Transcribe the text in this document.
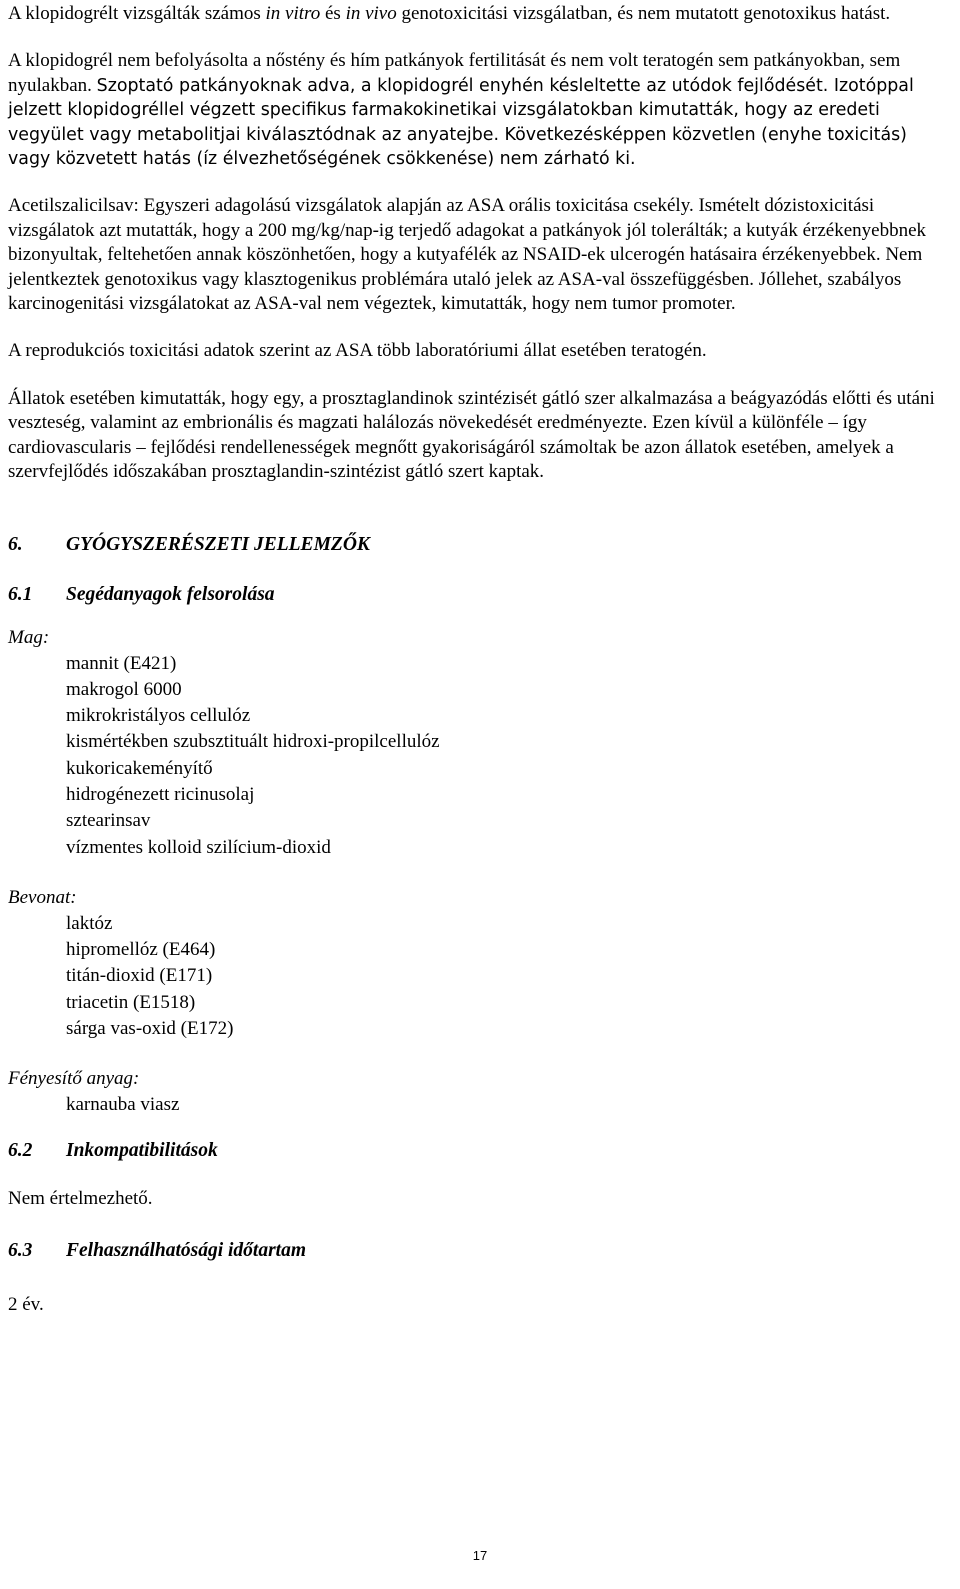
A klopidogrélt vizsgálták számos in vitro és in vivo genotoxicitási vizsgálatban, és nem mutatott genotoxikus hatást.

A klopidogrél nem befolyásolta a nőstény és hím patkányok fertilitását és nem volt teratogén sem patkányokban, sem nyulakban. Szoptató patkányoknak adva, a klopidogrél enyhén késleltette az utódok fejlődését. Izotóppal jelzett klopidogréllel végzett specifikus farmakokinetikai vizsgálatokban kimutatták, hogy az eredeti vegyület vagy metabolitjai kiválasztódnak az anyatejbe. Következésképpen közvetlen (enyhe toxicitás) vagy közvetett hatás (íz élvezhetőségének csökkenése) nem zárható ki.

Acetilszalicilsav: Egyszeri adagolású vizsgálatok alapján az ASA orális toxicitása csekély. Ismételt dózistoxicitási vizsgálatok azt mutatták, hogy a 200 mg/kg/nap-ig terjedő adagokat a patkányok jól tolerálták; a kutyák érzékenyebbnek bizonyultak, feltehetően annak köszönhetően, hogy a kutyafélék az NSAID-ek ulcerogén hatásaira érzékenyebbek. Nem jelentkeztek genotoxikus vagy klasztogenikus problémára utaló jelek az ASA-val összefüggésben. Jóllehet, szabályos karcinogenitási vizsgálatokat az ASA-val nem végeztek, kimutatták, hogy nem tumor promoter.

A reprodukciós toxicitási adatok szerint az ASA több laboratóriumi állat esetében teratogén.

Állatok esetében kimutatták, hogy egy, a prosztaglandinok szintézisét gátló szer alkalmazása a beágyazódás előtti és utáni veszteség, valamint az embrionális és magzati halálozás növekedését eredményezte. Ezen kívül a különféle – így cardiovascularis – fejlődési rendellenességek megnőtt gyakoriságáról számoltak be azon állatok esetében, amelyek a szervfejlődés időszakában prosztaglandin-szintézist gátló szert kaptak.

6.	GYÓGYSZERÉSZETI JELLEMZŐK
6.1	Segédanyagok felsorolása
Mag:
mannit (E421)
makrogol 6000
mikrokristályos cellulóz
kismértékben szubsztituált hidroxi-propilcellulóz
kukoricakeményítő
hidrogénezett ricinusolaj
sztearinsav
vízmentes kolloid szilícium-dioxid
Bevonat:
laktóz
hipromellóz (E464)
titán-dioxid (E171)
triacetin (E1518)
sárga vas-oxid (E172)
Fényesítő anyag:
karnauba viasz
6.2	Inkompatibilitások

Nem értelmezhető.

6.3	Felhasználhatósági időtartam

2 év.

17
